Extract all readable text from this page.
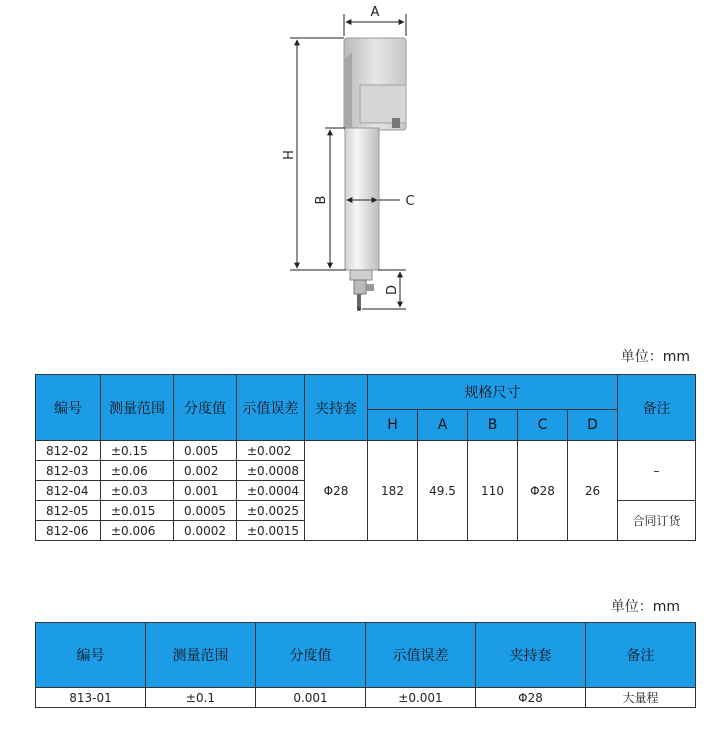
A
H
B	C
D
单位：mm
编号	测量范围	分度值	示值误差	夹持套	规格尺寸					备注
					H	A	B	C	D	
812-02	±0.15	0.005	±0.002	Φ28	182	49.5	110	Φ28	26	–
812-03	±0.06	0.002	±0.0008							
812-04	±0.03	0.001	±0.0004							
812-05	±0.015	0.0005	±0.0025							合同订货
812-06	±0.006	0.0002	±0.0015							
单位：mm
编号	测量范围	分度值	示值误差	夹持套	备注
813-01	±0.1	0.001	±0.001	Φ28	大量程
